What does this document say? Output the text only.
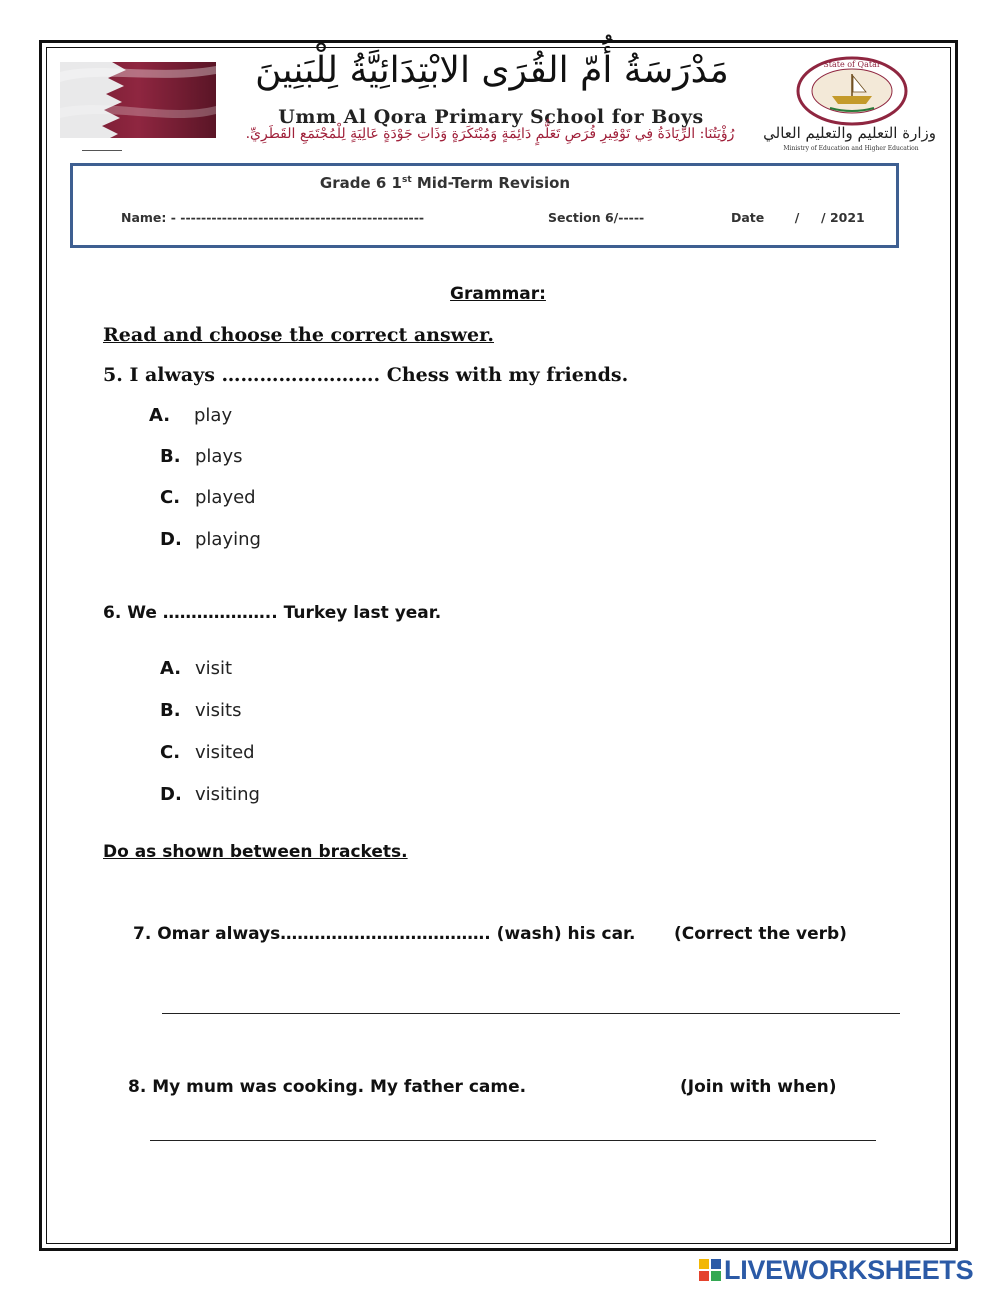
مَدْرَسَةُ أُمّ القُرَى الابْتِدَائِيَّةُ لِلْبَنِينَ
Umm Al Qora Primary School for Boys
رُؤْيَتُنَا: الرِّيَادَةُ فِي تَوْفِيرِ فُرَصِ تَعَلُّمٍ دَائِمَةٍ وَمُبْتَكَرَةٍ وَذَاتِ جَوْدَةٍ عَالِيَةٍ لِلْمُجْتَمَعِ القَطَرِيِّ.
State of Qatar
وزارة التعليم والتعليم العالي
Ministry of Education and Higher Education
Grade 6 1st Mid-Term Revision
Name: - -----------------------------------------------	Section 6/-----	Date       /     / 2021
Grammar:
Read and choose the correct answer.
5. I always ……………………. Chess with my friends.
A. play
B. plays
C. played
D. playing
6. We ……………….. Turkey last year.
A. visit
B. visits
C. visited
D. visiting
Do as shown between brackets.
7. Omar always………………………………. (wash) his car. (Correct the verb)
8. My mum was cooking. My father came.	(Join with when)
LIVEWORKSHEETS
